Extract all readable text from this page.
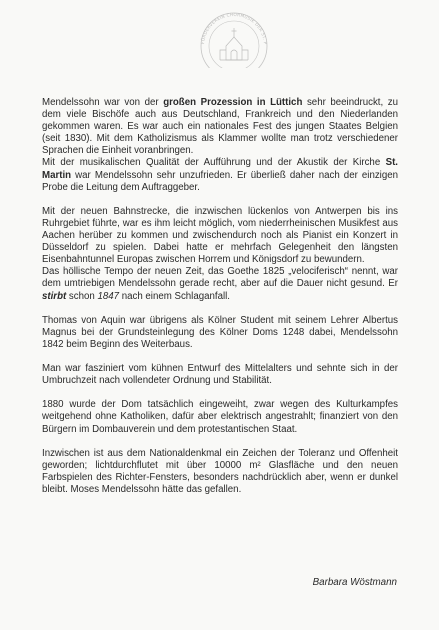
FÖRDERVEREIN CHORMUSIK DER ST. P

Mendelssohn war von der großen Prozession in Lüttich sehr beeindruckt, zu dem viele Bischöfe auch aus Deutschland, Frankreich und den Niederlanden gekommen waren. Es war auch ein nationales Fest des jungen Staates Belgien (seit 1830). Mit dem Katholizismus als Klammer wollte man trotz verschiedener Sprachen die Einheit voranbringen.

Mit der musikalischen Qualität der Aufführung und der Akustik der Kirche St. Martin war Mendelssohn sehr unzufrieden. Er überließ daher nach der einzigen Probe die Leitung dem Auftraggeber.

Mit der neuen Bahnstrecke, die inzwischen lückenlos von Antwerpen bis ins Ruhrgebiet führte, war es ihm leicht möglich, vom niederrheinischen Musikfest aus Aachen herüber zu kommen und zwischendurch noch als Pianist ein Konzert in Düsseldorf zu spielen. Dabei hatte er mehrfach Gelegenheit den längsten Eisenbahntunnel Europas zwischen Horrem und Königsdorf zu bewundern.

Das höllische Tempo der neuen Zeit, das Goethe 1825 „velociferisch“ nennt, war dem umtriebigen Mendelssohn gerade recht, aber auf die Dauer nicht gesund. Er stirbt schon 1847 nach einem Schlaganfall.

Thomas von Aquin war übrigens als Kölner Student mit seinem Lehrer Albertus Magnus bei der Grundsteinlegung des Kölner Doms 1248 dabei, Mendelssohn 1842 beim Beginn des Weiterbaus.

Man war fasziniert vom kühnen Entwurf des Mittelalters und sehnte sich in der Umbruchzeit nach vollendeter Ordnung und Stabilität.

1880 wurde der Dom tatsächlich eingeweiht, zwar wegen des Kulturkampfes weitgehend ohne Katholiken, dafür aber elektrisch angestrahlt; finanziert von den Bürgern im Dombauverein und dem protestantischen Staat.

Inzwischen ist aus dem Nationaldenkmal ein Zeichen der Toleranz und Offenheit geworden; lichtdurchflutet mit über 10000 m² Glasfläche und den neuen Farbspielen des Richter-Fensters, besonders nachdrücklich aber, wenn er dunkel bleibt. Moses Mendelssohn hätte das gefallen.

Barbara Wöstmann
